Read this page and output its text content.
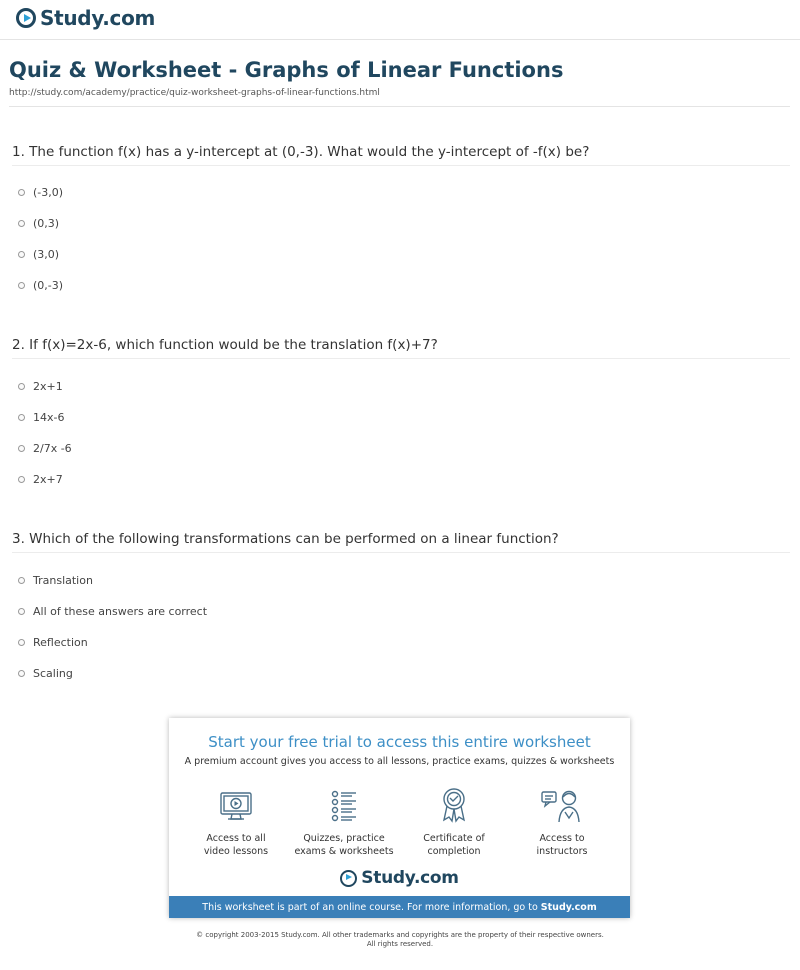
Study.com
Quiz & Worksheet - Graphs of Linear Functions
http://study.com/academy/practice/quiz-worksheet-graphs-of-linear-functions.html
1. The function f(x) has a y-intercept at (0,-3). What would the y-intercept of -f(x) be?
(-3,0)
(0,3)
(3,0)
(0,-3)
2. If f(x)=2x-6, which function would be the translation f(x)+7?
2x+1
14x-6
2/7x -6
2x+7
3. Which of the following transformations can be performed on a linear function?
Translation
All of these answers are correct
Reflection
Scaling
Start your free trial to access this entire worksheet
A premium account gives you access to all lessons, practice exams, quizzes & worksheets
Access to all
video lessons
Quizzes, practice
exams & worksheets
Certificate of
completion
Access to
instructors
Study.com
This worksheet is part of an online course. For more information, go to Study.com
© copyright 2003-2015 Study.com. All other trademarks and copyrights are the property of their respective owners.
All rights reserved.
